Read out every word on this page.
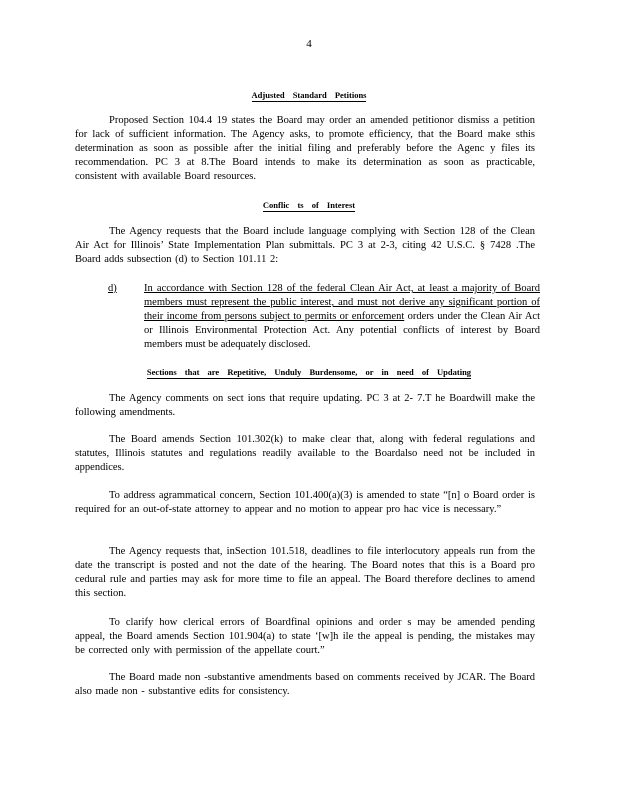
4
Adjusted Standard Petitions
Proposed Section 104.4 19 states the Board may order an amended petitionor dismiss a petition for lack of sufficient information. The Agency asks, to promote efficiency, that the Board make sthis determination as soon as possible after the initial filing and preferably before the Agenc y files its recommendation. PC 3 at 8.The Board intends to make its determination as soon as practicable, consistent with available Board resources.
Conflic ts of Interest
The Agency requests that the Board include language complying with Section 128 of the Clean Air Act for Illinois’ State Implementation Plan submittals. PC 3 at 2-3, citing 42 U.S.C. § 7428 .The Board adds subsection (d) to Section 101.11 2:
d)	In accordance with Section 128 of the federal Clean Air Act, at least a majority of Board members must represent the public interest, and must not derive any significant portion of their income from persons subject to permits or enforcement orders under the Clean Air Act or Illinois Environmental Protection Act. Any potential conflicts of interest by Board members must be adequately disclosed.
Sections that are Repetitive, Unduly Burdensome, or in need of Updating
The Agency comments on sect ions that require updating. PC 3 at 2- 7.T he Boardwill make the following amendments.
The Board amends Section 101.302(k) to make clear that, along with federal regulations and statutes, Illinois statutes and regulations readily available to the Boardalso need not be included in appendices.
To address agrammatical concern, Section 101.400(a)(3) is amended to state “[n] o Board order is required for an out-of-state attorney to appear and no motion to appear pro hac vice is necessary.”
The Agency requests that, inSection 101.518, deadlines to file interlocutory appeals run from the date the transcript is posted and not the date of the hearing. The Board notes that this is a Board pro cedural rule and parties may ask for more time to file an appeal. The Board therefore declines to amend this section.
To clarify how clerical errors of Boardfinal opinions and order s may be amended pending appeal, the Board amends Section 101.904(a) to state ‘[w]h ile the appeal is pending, the mistakes may be corrected only with permission of the appellate court.”
The Board made non -substantive amendments based on comments received by JCAR. The Board also made non - substantive edits for consistency.
